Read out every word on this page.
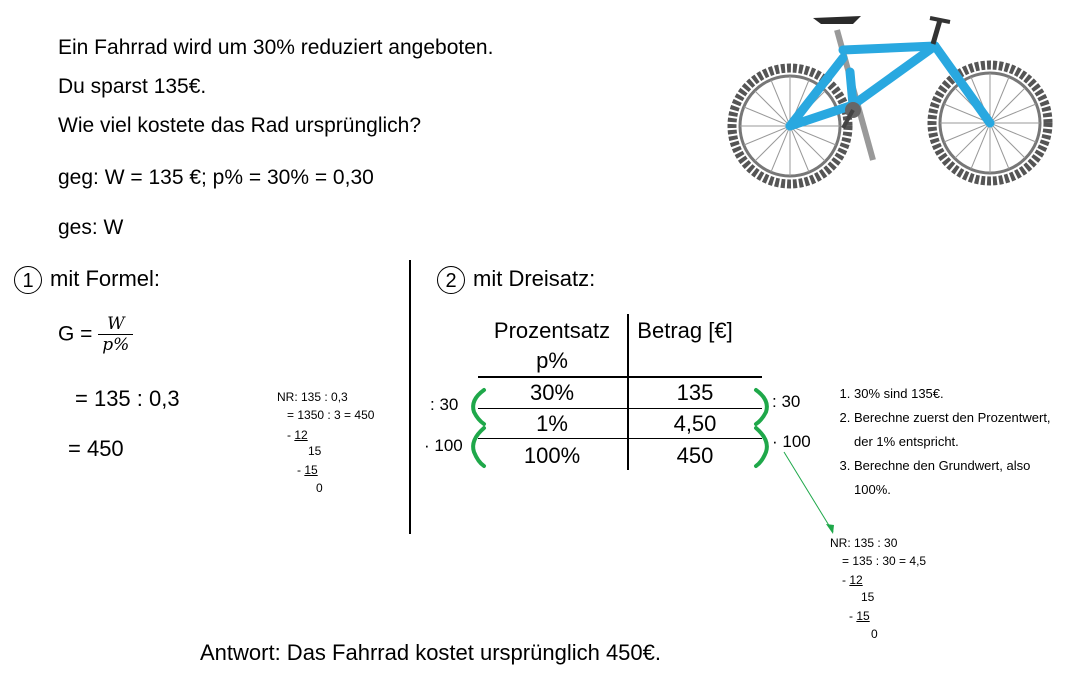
Ein Fahrrad wird um 30% reduziert angeboten.
Du sparst 135€.
Wie viel kostete das Rad ursprünglich?
geg: W = 135 €; p% = 30% = 0,30
ges: W
1 mit Formel:
$G = \frac{W}{p\%}$
= 135 : 0,3
= 450
NR: 135 : 0,3
= 1350 : 3 = 450
- 12
15
- 15
0
2 mit Dreisatz:
Prozentsatz
p%
Betrag [€]
30%	135
1%	4,50
100%	450
: 30
· 100
: 30
· 100
1. 30% sind 135€.
2. Berechne zuerst den Prozentwert,
der 1% entspricht.
3. Berechne den Grundwert, also
100%.
NR: 135 : 30
= 135 : 30 = 4,5
- 12
15
- 15
0
Antwort: Das Fahrrad kostet ursprünglich 450€.
